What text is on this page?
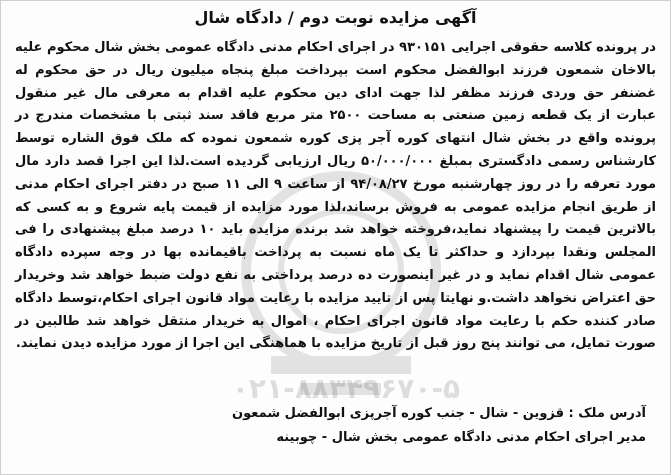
آگهی مزایده نوبت دوم / دادگاه شال

در پرونده کلاسه حقوقی اجرایی ۹۳۰۱۵۱ در اجرای احکام مدنی دادگاه عمومی بخش شال محکوم علیه بالاخان شمعون فرزند ابوالفضل محکوم است بپرداخت مبلغ پنجاه میلیون ریال در حق محکوم له غضنفر حق وردی فرزند مظفر لذا جهت ادای دین محکوم علیه اقدام به معرفی مال غیر منقول عبارت از یک قطعه زمین صنعتی به مساحت ۲۵۰۰ متر مربع فاقد سند ثبتی با مشخصات مندرج در پرونده واقع در بخش شال انتهای کوره آجر پزی کوره شمعون نموده که ملک فوق الشاره توسط کارشناس رسمی دادگستری بمبلغ ۵۰/۰۰۰/۰۰۰ ریال ارزیابی گردیده است.لذا این اجرا قصد دارد مال مورد تعرفه را در روز چهارشنبه مورخ ۹۴/۰۸/۲۷ از ساعت ۹ الی ۱۱ صبح در دفتر اجرای احکام مدنی از طریق انجام مزایده عمومی به فروش برساند،لذا مورد مزایده از قیمت پایه شروع و به کسی که بالاترین قیمت را پیشنهاد نماید،فروخته خواهد شد برنده مزایده باید ۱۰ درصد مبلغ پیشنهادی را فی المجلس ونقدا بپردازد و حداکثر تا یک ماه نسبت به پرداخت باقیمانده بها در وجه سپرده دادگاه عمومی شال اقدام نماید و در غیر اینصورت ده درصد پرداختی به نفع دولت ضبط خواهد شد وخریدار حق اعتراض نخواهد داشت.و نهایتا پس از تایید مزایده با رعایت مواد قانون اجرای احکام،توسط دادگاه صادر کننده حکم با رعایت مواد قانون اجرای احکام ، اموال به خریدار منتقل خواهد شد طالبین در صورت تمایل، می توانند پنج روز قبل از تاریخ مزایده با هماهنگی این اجرا از مورد مزایده دیدن نمایند.

۰۲۱-۸۸۳۴۹۶۷۰-۵

آدرس ملک : قزوین - شال - جنب کوره آجرپزی ابوالفضل شمعون

مدیر اجرای احکام مدنی دادگاه عمومی بخش شال - چوبینه
